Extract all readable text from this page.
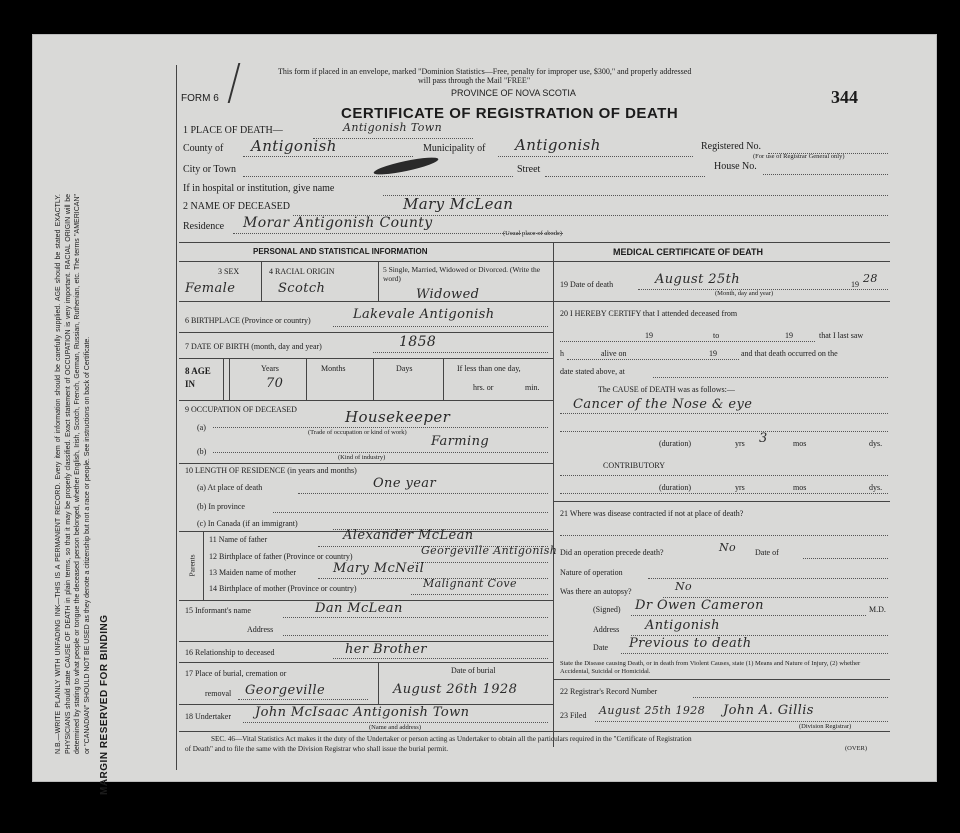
N.B.—WRITE PLAINLY WITH UNFADING INK—THIS IS A PERMANENT RECORD. Every item of information should be carefully supplied. AGE should be stated EXACTLY. PHYSICIANS should state CAUSE OF DEATH in plain terms, so that it may be properly classified. Exact statement of OCCUPATION is very important. RACIAL ORIGIN will be determined by stating to what people or tongue the deceased person belonged, whether English, Irish, Scotch, French, German, Russian, Ruthenian, etc. The terms "AMERICAN" or "CANADIAN" SHOULD NOT BE USED as they denote a citizenship but not a race or people. See instructions on back of Certificate. MARGIN RESERVED FOR BINDING
This form if placed in an envelope, marked "Dominion Statistics—Free, penalty for improper use, $300," and properly addressed
will pass through the Mail "FREE"
PROVINCE OF NOVA SCOTIA
FORM 6
CERTIFICATE OF REGISTRATION OF DEATH
344
1 PLACE OF DEATH—	Antigonish Town
County of Antigonish	Municipality of Antigonish	Registered No.
(For use of Registrar General only)
City or Town	Street	House No.
If in hospital or institution, give name
2 NAME OF DECEASED	Mary McLean
Residence Morar Antigonish County
(Usual place of abode)
PERSONAL AND STATISTICAL INFORMATION
3 SEX
Female
4 RACIAL ORIGIN
Scotch
5 Single, Married, Widowed or Divorced. (Write the word)
Widowed
6 BIRTHPLACE (Province or country)	Lakevale Antigonish
7 DATE OF BIRTH (month, day and year)	1858
8 AGE IN
Years
70
Months	Days	If less than one day,
hrs. or	min.
9 OCCUPATION OF DECEASED
(a)
Housekeeper
(Trade of occupation or kind of work)
(b)
Farming
(Kind of industry)
10 LENGTH OF RESIDENCE (in years and months)
(a) At place of death	One year
(b) In province
(c) In Canada (if an immigrant)
Parents
11 Name of father	Alexander McLean
12 Birthplace of father (Province or country)	Georgeville Antigonish
13 Maiden name of mother	Mary McNeil
14 Birthplace of mother (Province or country)	Malignant Cove
15 Informant's name	Dan McLean
Address
16 Relationship to deceased	her Brother
17 Place of burial, cremation or
removal Georgeville
Date of burial
August 26th 1928
18 Undertaker John McIsaac Antigonish Town
(Name and address)
MEDICAL CERTIFICATE OF DEATH
19 Date of death	August 25th	19 28
(Month, day and year)
20 I HEREBY CERTIFY that I attended deceased from
19	to	19	that I last saw
h	alive on	19	and that death occurred on the
date stated above, at
The CAUSE of DEATH was as follows:—
Cancer of the Nose & eye
(duration)	yrs 3	mos	dys.
CONTRIBUTORY
(duration)	yrs	mos	dys.
21 Where was disease contracted if not at place of death?
Did an operation precede death?	No Date of
Nature of operation
Was there an autopsy?	No
(Signed) Dr Owen Cameron	M.D.
Address Antigonish
Date Previous to death
State the Disease causing Death, or in death from Violent Causes, state (1) Means and Nature of Injury, (2) whether Accidental, Suicidal or Homicidal.
22 Registrar's Record Number
23 Filed August 25th 1928 John A. Gillis
(Division Registrar)
SEC. 46—Vital Statistics Act makes it the duty of the Undertaker or person acting as Undertaker to obtain all the particulars required in the "Certificate of Registration
of Death" and to file the same with the Division Registrar who shall issue the burial permit.	(OVER)
